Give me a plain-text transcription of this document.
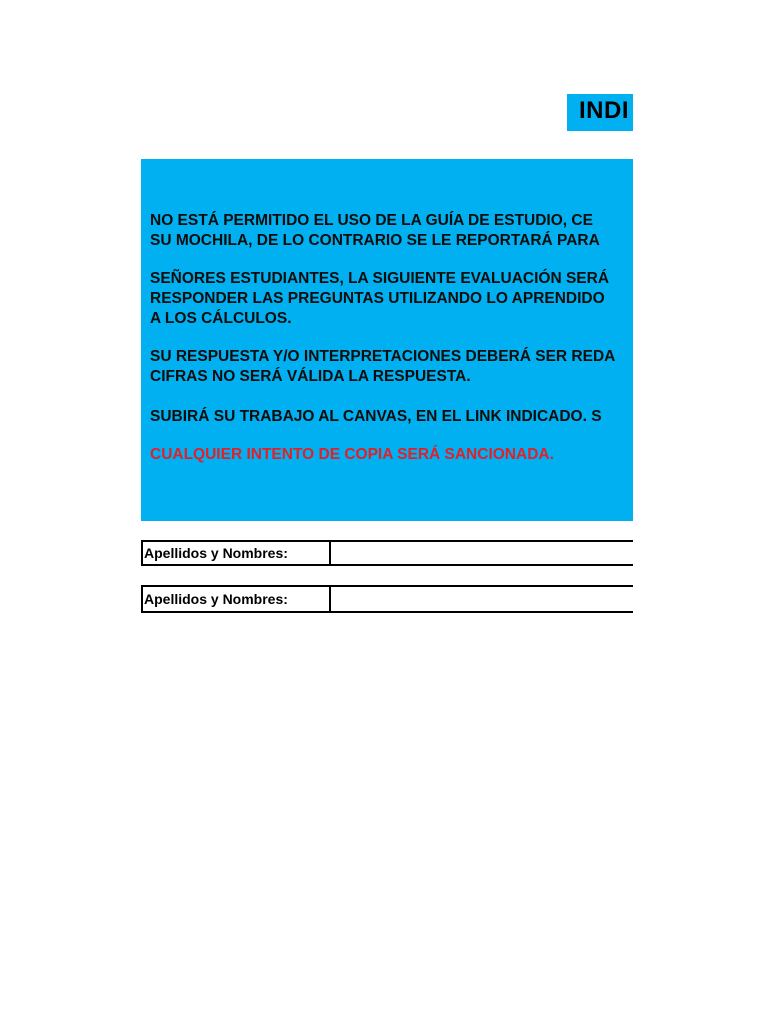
INDI
NO ESTÁ PERMITIDO EL USO DE LA GUÍA DE ESTUDIO, CE
SU MOCHILA, DE LO CONTRARIO SE LE REPORTARÁ PARA
SEÑORES ESTUDIANTES, LA SIGUIENTE EVALUACIÓN SERÁ
RESPONDER LAS PREGUNTAS UTILIZANDO LO APRENDIDO
A LOS CÁLCULOS.
SU RESPUESTA Y/O INTERPRETACIONES DEBERÁ SER REDA
CIFRAS NO SERÁ VÁLIDA LA RESPUESTA.
SUBIRÁ SU TRABAJO AL CANVAS, EN EL LINK INDICADO. S
CUALQUIER INTENTO DE COPIA SERÁ SANCIONADA.
Apellidos y Nombres:
Apellidos y Nombres:
